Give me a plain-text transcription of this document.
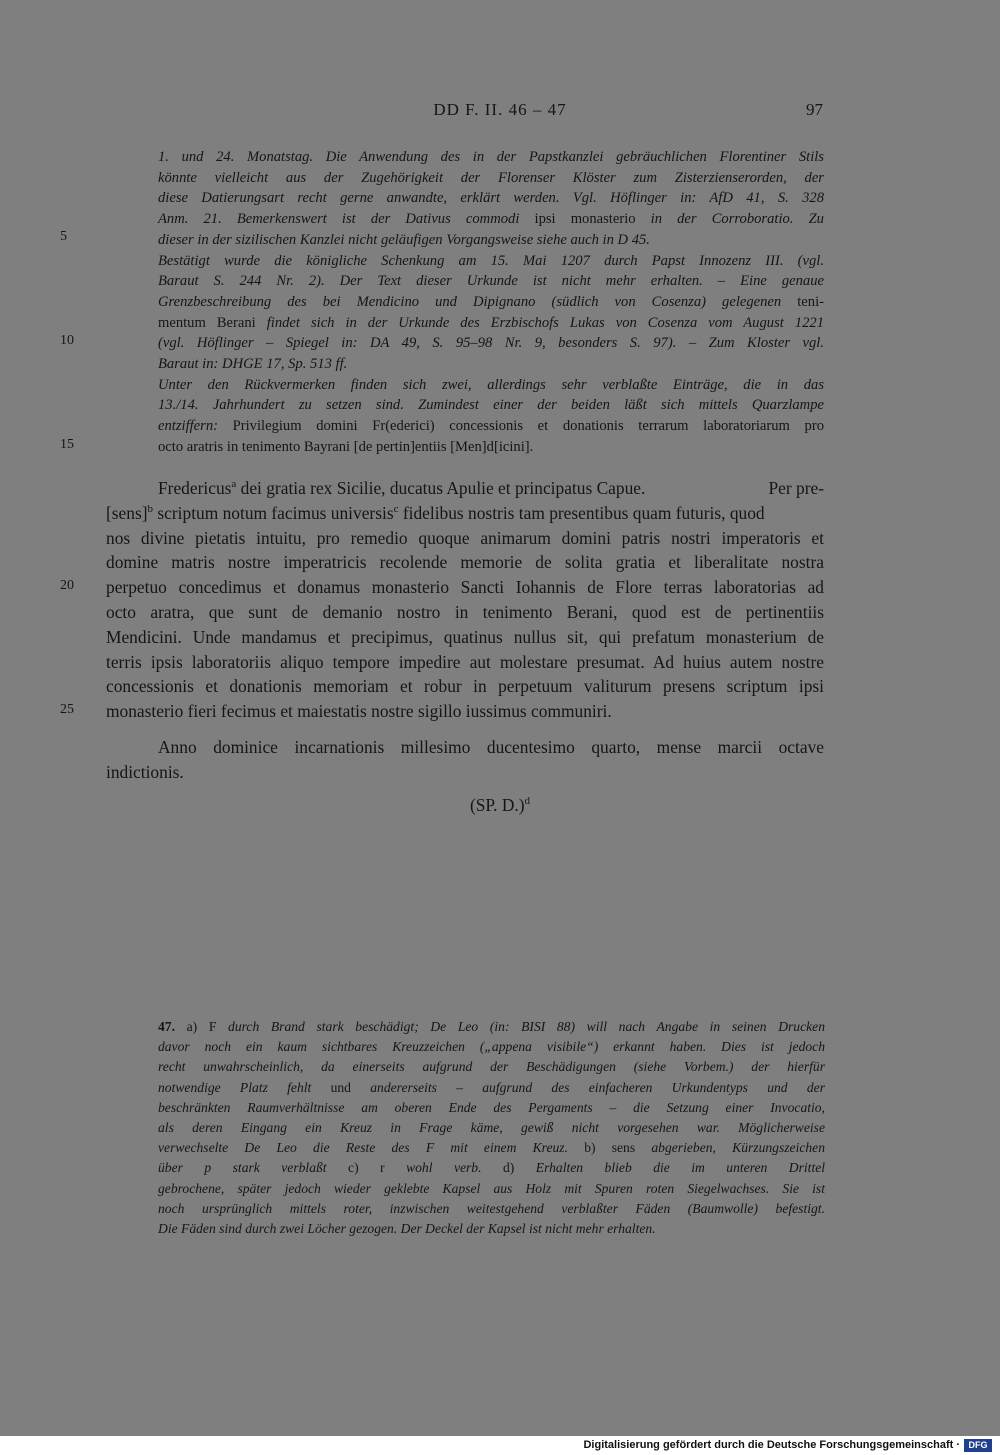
DD F. II. 46 – 47	97
5
10
15
20
25

1. und 24. Monatstag. Die Anwendung des in der Papstkanzlei gebräuchlichen Florentiner Stils
könnte vielleicht aus der Zugehörigkeit der Florenser Klöster zum Zisterzienserorden, der
diese Datierungsart recht gerne anwandte, erklärt werden. Vgl. Höflinger in: AfD 41, S. 328
Anm. 21. Bemerkenswert ist der Dativus commodi ipsi monasterio in der Corroboratio. Zu
dieser in der sizilischen Kanzlei nicht geläufigen Vorgangsweise siehe auch in D 45.

Bestätigt wurde die königliche Schenkung am 15. Mai 1207 durch Papst Innozenz III. (vgl.
Baraut S. 244 Nr. 2). Der Text dieser Urkunde ist nicht mehr erhalten. – Eine genaue
Grenzbeschreibung des bei Mendicino und Dipignano (südlich von Cosenza) gelegenen teni-
mentum Berani findet sich in der Urkunde des Erzbischofs Lukas von Cosenza vom August 1221
(vgl. Höflinger – Spiegel in: DA 49, S. 95–98 Nr. 9, besonders S. 97). – Zum Kloster vgl.
Baraut in: DHGE 17, Sp. 513 ff.

Unter den Rückvermerken finden sich zwei, allerdings sehr verblaßte Einträge, die in das
13./14. Jahrhundert zu setzen sind. Zumindest einer der beiden läßt sich mittels Quarzlampe
entziffern: Privilegium domini Fr(ederici) concessionis et donationis terrarum laboratoriarum pro
octo aratris in tenimento Bayrani [de pertin]entiis [Men]d[icini].

Fredericus$^a$ dei gratia rex Sicilie, ducatus Apulie et principatus Capue.	Per pre-
[sens]$^b$ scriptum notum facimus universis$^c$ fidelibus nostris tam presentibus quam futuris, quod
nos divine pietatis intuitu, pro remedio quoque animarum domini patris nostri imperatoris et
domine matris nostre imperatricis recolende memorie de solita gratia et liberalitate nostra
perpetuo concedimus et donamus monasterio Sancti Iohannis de Flore terras laboratorias ad
octo aratra, que sunt de demanio nostro in tenimento Berani, quod est de pertinentiis
Mendicini. Unde mandamus et precipimus, quatinus nullus sit, qui prefatum monasterium de
terris ipsis laboratoriis aliquo tempore impedire aut molestare presumat. Ad huius autem nostre
concessionis et donationis memoriam et robur in perpetuum valiturum presens scriptum ipsi
monasterio fieri fecimus et maiestatis nostre sigillo iussimus communiri.
Anno dominice incarnationis millesimo ducentesimo quarto, mense marcii octave
indictionis.
(SP. D.)$^d$
47. a) F durch Brand stark beschädigt; De Leo (in: BISI 88) will nach Angabe in seinen Drucken
davor noch ein kaum sichtbares Kreuzzeichen („appena visibile“) erkannt haben. Dies ist jedoch
recht unwahrscheinlich, da einerseits aufgrund der Beschädigungen (siehe Vorbem.) der hierfür
notwendige Platz fehlt und andererseits – aufgrund des einfacheren Urkundentyps und der
beschränkten Raumverhältnisse am oberen Ende des Pergaments – die Setzung einer Invocatio,
als deren Eingang ein Kreuz in Frage käme, gewiß nicht vorgesehen war. Möglicherweise
verwechselte De Leo die Reste des F mit einem Kreuz. b) sens abgerieben, Kürzungszeichen
über p stark verblaßt c) r wohl verb. d) Erhalten blieb die im unteren Drittel
gebrochene, später jedoch wieder geklebte Kapsel aus Holz mit Spuren roten Siegelwachses. Sie ist
noch ursprünglich mittels roter, inzwischen weitestgehend verblaßter Fäden (Baumwolle) befestigt.
Die Fäden sind durch zwei Löcher gezogen. Der Deckel der Kapsel ist nicht mehr erhalten.
Digitalisierung gefördert durch die Deutsche Forschungsgemeinschaft · DFG
